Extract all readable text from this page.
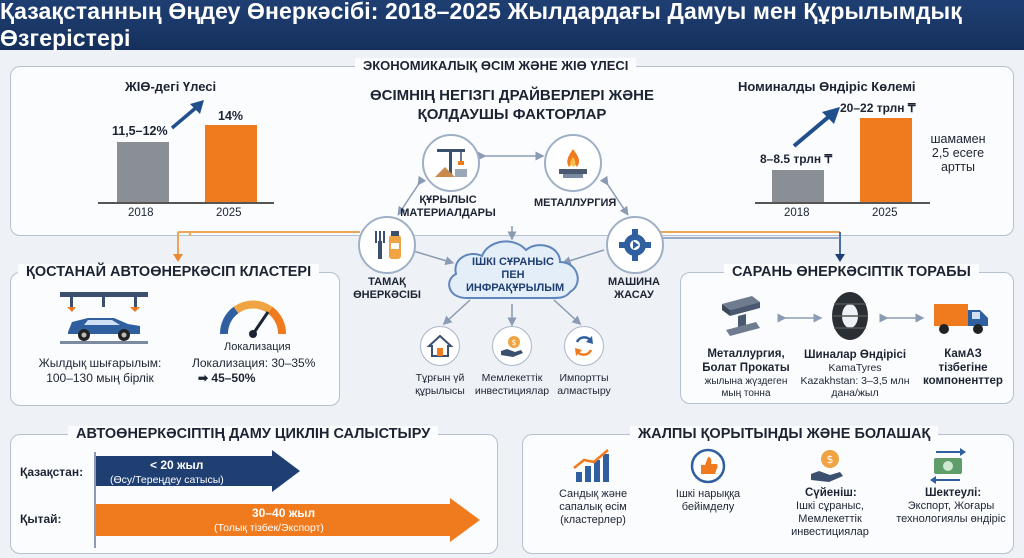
Қазақстанның Өңдеу Өнеркәсібі: 2018–2025 Жылдардағы Дамуы мен Құрылымдық Өзгерістері
ЭКОНОМИКАЛЫҚ ӨСІМ ЖӘНЕ ЖІӨ ҮЛЕСІ
ЖІӨ-дегі Үлесі
11,5–12%
14%
2018	2025
Номиналды Өндіріс Көлемі
8–8.5 трлн ₸
20–22 трлн ₸
2018	2025
шамамен 2,5 есеге артты
ӨСІМНІҢ НЕГІЗГІ ДРАЙВЕРЛЕРІ ЖӘНЕ ҚОЛДАУШЫ ФАКТОРЛАР
ҚҰРЫЛЫС МАТЕРИАЛДАРЫ
МЕТАЛЛУРГИЯ
ТАМАҚ ӨНЕРКӘСІБІ
МАШИНА ЖАСАУ
ІШКІ СҰРАНЫС ПЕН ИНФРАҚҰРЫЛЫМ
Тұрғын үй құрылысы
$
Мемлекеттік инвестициялар
Импортты алмастыру
ҚОСТАНАЙ АВТОӨНЕРКӘСІП КЛАСТЕРІ
Жылдық шығарылым: 100–130 мың бірлік
Локализация
Локализация: 30–35%
➡ 45–50%
САРАНЬ ӨНЕРКӘСІПТІК ТОРАБЫ
Металлургия, Болат Прокаты
жылына жүздеген мың тонна
Шиналар Өндірісі
KamaTyres Kazakhstan: 3–3,5 млн дана/жыл
КамАЗ тізбегіне компоненттер
АВТОӨНЕРКӘСІПТІҢ ДАМУ ЦИКЛІН САЛЫСТЫРУ
Қазақстан:
Қытай:
< 20 жыл
(Өсу/Тереңдеу сатысы)
30–40 жыл
(Толық тізбек/Экспорт)
ЖАЛПЫ ҚОРЫТЫНДЫ ЖӘНЕ БОЛАШАҚ
Сандық және сапалық өсім (кластерлер)
Ішкі нарыққа бейімделу
$
Сүйеніш:
Ішкі сұраныс, Мемлекеттік инвестициялар
Шектеулі:
Экспорт, Жоғары технологиялы өндіріс
